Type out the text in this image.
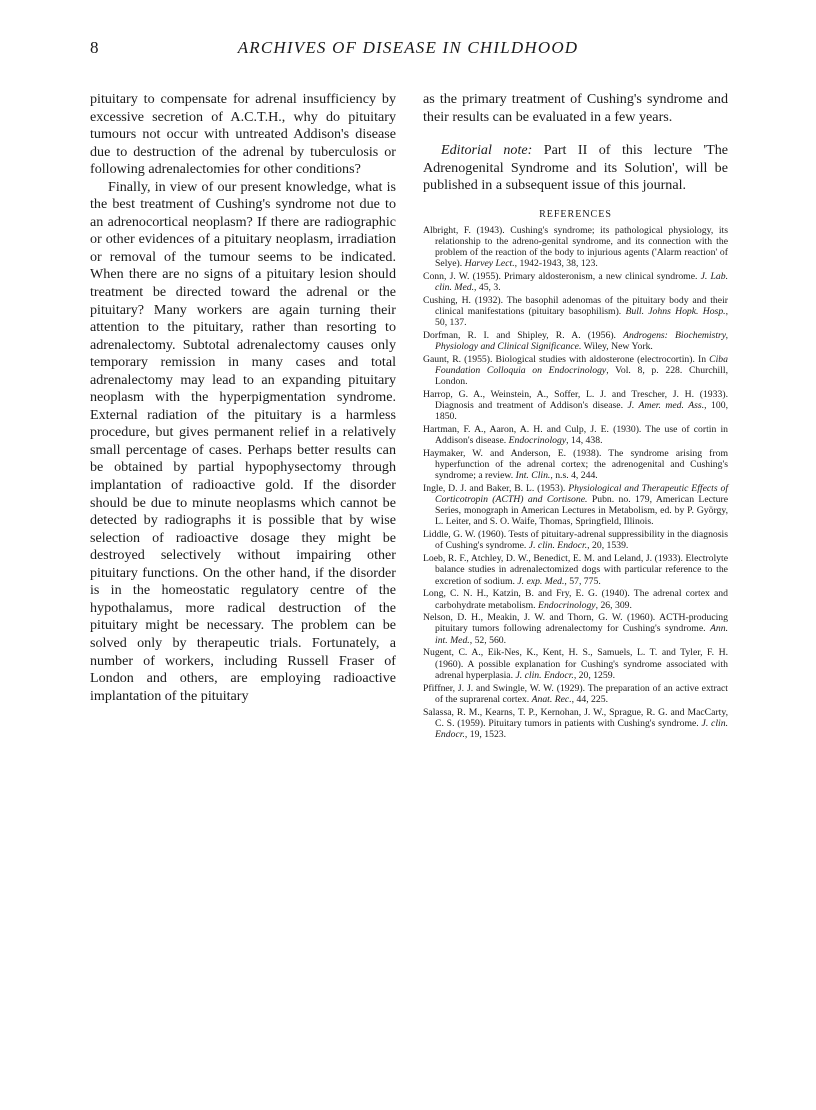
8	ARCHIVES OF DISEASE IN CHILDHOOD

pituitary to compensate for adrenal insufficiency by excessive secretion of A.C.T.H., why do pituitary tumours not occur with untreated Addison's disease due to destruction of the adrenal by tuberculosis or following adrenalectomies for other conditions?

Finally, in view of our present knowledge, what is the best treatment of Cushing's syndrome not due to an adrenocortical neoplasm? If there are radiographic or other evidences of a pituitary neoplasm, irradiation or removal of the tumour seems to be indicated. When there are no signs of a pituitary lesion should treatment be directed toward the adrenal or the pituitary? Many workers are again turning their attention to the pituitary, rather than resorting to adrenalectomy. Subtotal adrenalectomy causes only temporary remission in many cases and total adrenalectomy may lead to an expanding pituitary neoplasm with the hyperpigmentation syndrome. External radiation of the pituitary is a harmless procedure, but gives permanent relief in a relatively small percentage of cases. Perhaps better results can be obtained by partial hypophysectomy through implantation of radioactive gold. If the disorder should be due to minute neoplasms which cannot be detected by radiographs it is possible that by wise selection of radioactive dosage they might be destroyed selectively without impairing other pituitary functions. On the other hand, if the disorder is in the homeostatic regulatory centre of the hypothalamus, more radical destruction of the pituitary might be necessary. The problem can be solved only by therapeutic trials. Fortunately, a number of workers, including Russell Fraser of London and others, are employing radioactive implantation of the pituitary

as the primary treatment of Cushing's syndrome and their results can be evaluated in a few years.

Editorial note: Part II of this lecture 'The Adrenogenital Syndrome and its Solution', will be published in a subsequent issue of this journal.

REFERENCES

Albright, F. (1943). Cushing's syndrome; its pathological physiology, its relationship to the adreno-genital syndrome, and its connection with the problem of the reaction of the body to injurious agents ('Alarm reaction' of Selye). Harvey Lect., 1942-1943, 38, 123.

Conn, J. W. (1955). Primary aldosteronism, a new clinical syndrome. J. Lab. clin. Med., 45, 3.

Cushing, H. (1932). The basophil adenomas of the pituitary body and their clinical manifestations (pituitary basophilism). Bull. Johns Hopk. Hosp., 50, 137.

Dorfman, R. I. and Shipley, R. A. (1956). Androgens: Biochemistry, Physiology and Clinical Significance. Wiley, New York.

Gaunt, R. (1955). Biological studies with aldosterone (electrocortin). In Ciba Foundation Colloquia on Endocrinology, Vol. 8, p. 228. Churchill, London.

Harrop, G. A., Weinstein, A., Soffer, L. J. and Trescher, J. H. (1933). Diagnosis and treatment of Addison's disease. J. Amer. med. Ass., 100, 1850.

Hartman, F. A., Aaron, A. H. and Culp, J. E. (1930). The use of cortin in Addison's disease. Endocrinology, 14, 438.

Haymaker, W. and Anderson, E. (1938). The syndrome arising from hyperfunction of the adrenal cortex; the adrenogenital and Cushing's syndrome; a review. Int. Clin., n.s. 4, 244.

Ingle, D. J. and Baker, B. L. (1953). Physiological and Therapeutic Effects of Corticotropin (ACTH) and Cortisone. Pubn. no. 179, American Lecture Series, monograph in American Lectures in Metabolism, ed. by P. György, L. Leiter, and S. O. Waife, Thomas, Springfield, Illinois.

Liddle, G. W. (1960). Tests of pituitary-adrenal suppressibility in the diagnosis of Cushing's syndrome. J. clin. Endocr., 20, 1539.

Loeb, R. F., Atchley, D. W., Benedict, E. M. and Leland, J. (1933). Electrolyte balance studies in adrenalectomized dogs with particular reference to the excretion of sodium. J. exp. Med., 57, 775.

Long, C. N. H., Katzin, B. and Fry, E. G. (1940). The adrenal cortex and carbohydrate metabolism. Endocrinology, 26, 309.

Nelson, D. H., Meakin, J. W. and Thorn, G. W. (1960). ACTH-producing pituitary tumors following adrenalectomy for Cushing's syndrome. Ann. int. Med., 52, 560.

Nugent, C. A., Eik-Nes, K., Kent, H. S., Samuels, L. T. and Tyler, F. H. (1960). A possible explanation for Cushing's syndrome associated with adrenal hyperplasia. J. clin. Endocr., 20, 1259.

Pfiffner, J. J. and Swingle, W. W. (1929). The preparation of an active extract of the suprarenal cortex. Anat. Rec., 44, 225.

Salassa, R. M., Kearns, T. P., Kernohan, J. W., Sprague, R. G. and MacCarty, C. S. (1959). Pituitary tumors in patients with Cushing's syndrome. J. clin. Endocr., 19, 1523.
